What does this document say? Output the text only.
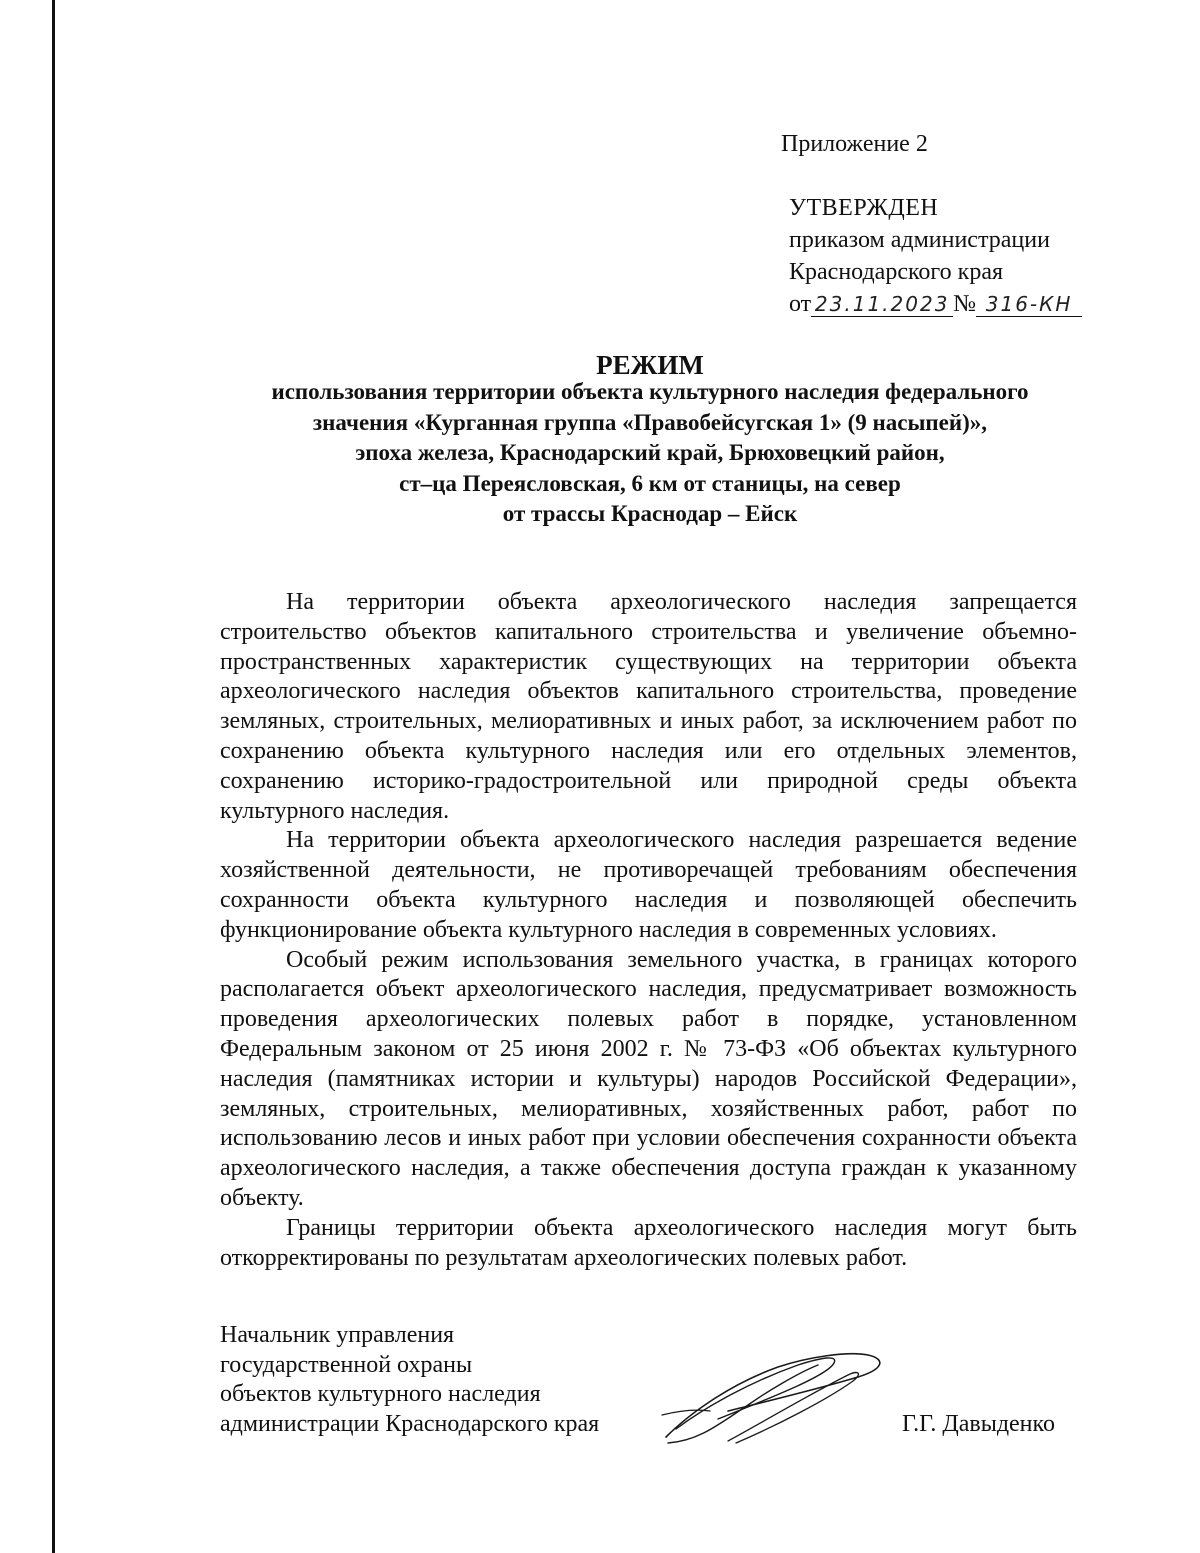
Приложение 2
УТВЕРЖДЕН
приказом администрации
Краснодарского края
от 23.11.2023 № 316-КН
РЕЖИМ
использования территории объекта культурного наследия федерального
значения «Курганная группа «Правобейсугская 1» (9 насыпей)»,
эпоха железа, Краснодарский край, Брюховецкий район,
ст–ца Переясловская, 6 км от станицы, на север
от трассы Краснодар – Ейск

На территории объекта археологического наследия запрещается строительство объектов капитального строительства и увеличение объемно-пространственных характеристик существующих на территории объекта археологического наследия объектов капитального строительства, проведение земляных, строительных, мелиоративных и иных работ, за исключением работ по сохранению объекта культурного наследия или его отдельных элементов, сохранению историко-градостроительной или природной среды объекта культурного наследия.

На территории объекта археологического наследия разрешается ведение хозяйственной деятельности, не противоречащей требованиям обеспечения сохранности объекта культурного наследия и позволяющей обеспечить функционирование объекта культурного наследия в современных условиях.

Особый режим использования земельного участка, в границах которого располагается объект археологического наследия, предусматривает возможность проведения археологических полевых работ в порядке, установленном Федеральным законом от 25 июня 2002 г. № 73-ФЗ «Об объектах культурного наследия (памятниках истории и культуры) народов Российской Федерации», земляных, строительных, мелиоративных, хозяйственных работ, работ по использованию лесов и иных работ при условии обеспечения сохранности объекта археологического наследия, а также обеспечения доступа граждан к указанному объекту.

Границы территории объекта археологического наследия могут быть откорректированы по результатам археологических полевых работ.

Начальник управления
государственной охраны
объектов культурного наследия
администрации Краснодарского края	Г.Г. Давыденко
